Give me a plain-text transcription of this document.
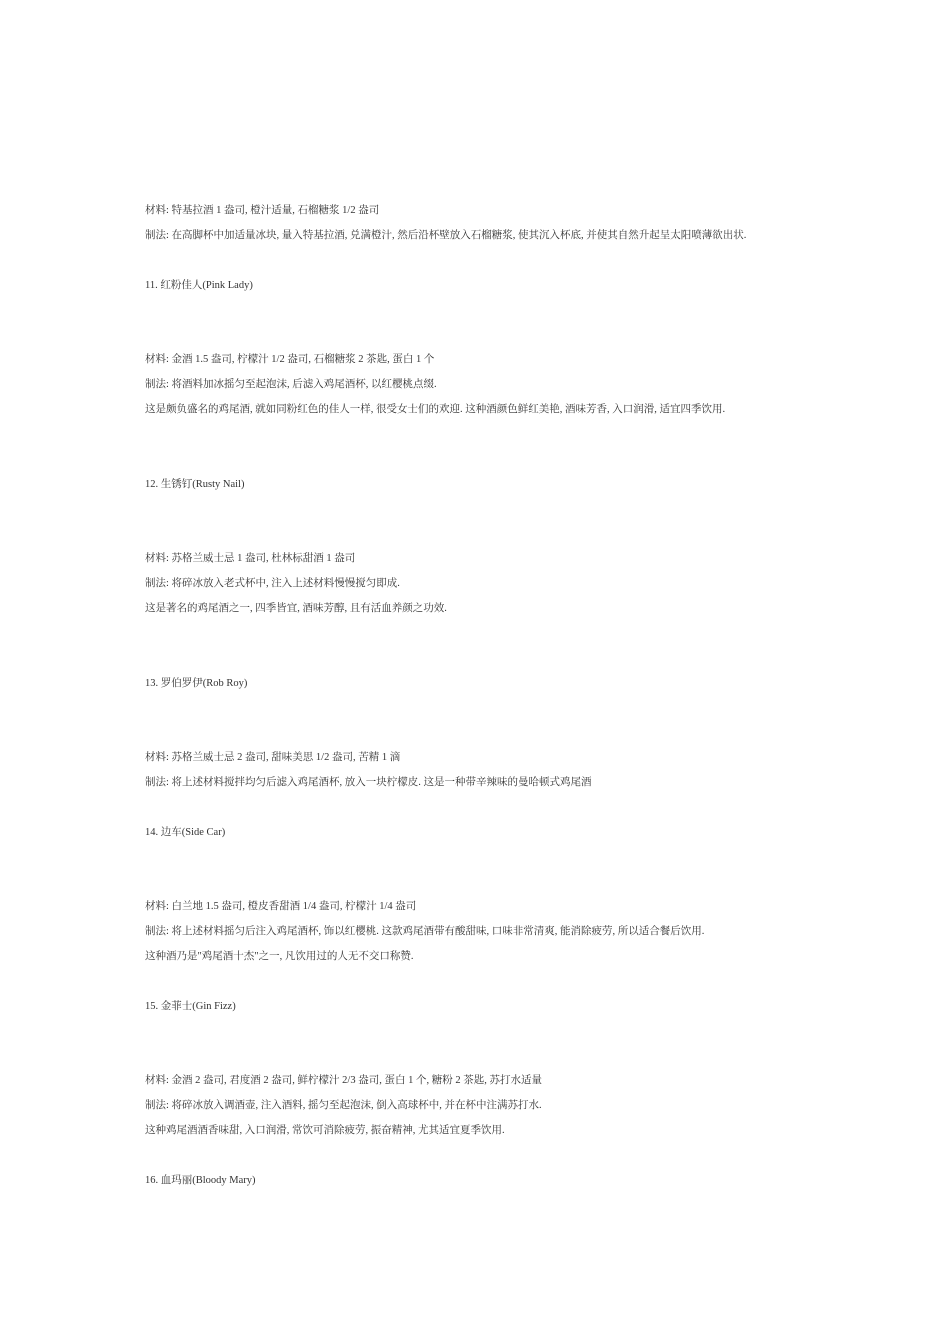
材料: 特基拉酒 1 盎司, 橙汁适量, 石榴糖浆 1/2 盎司

制法: 在高脚杯中加适量冰块, 量入特基拉酒, 兑满橙汁, 然后沿杯壁放入石榴糖浆, 使其沉入杯底, 并使其自然升起呈太阳喷薄欲出状.

11. 红粉佳人(Pink Lady)

材料: 金酒 1.5 盎司, 柠檬汁 1/2 盎司, 石榴糖浆 2 茶匙, 蛋白 1 个

制法: 将酒料加冰摇匀至起泡沫, 后滤入鸡尾酒杯, 以红樱桃点缀.

这是颇负盛名的鸡尾酒, 就如同粉红色的佳人一样, 很受女士们的欢迎. 这种酒颜色鲜红美艳, 酒味芳香, 入口润滑, 适宜四季饮用.

12. 生锈钉(Rusty Nail)

材料: 苏格兰威士忌 1 盎司, 杜林标甜酒 1 盎司

制法: 将碎冰放入老式杯中, 注入上述材料慢慢搅匀即成.

这是著名的鸡尾酒之一, 四季皆宜, 酒味芳醇, 且有活血养颜之功效.

13. 罗伯罗伊(Rob Roy)

材料: 苏格兰威士忌 2 盎司, 甜味美思 1/2 盎司, 苦精 1 滴

制法: 将上述材料搅拌均匀后滤入鸡尾酒杯, 放入一块柠檬皮. 这是一种带辛辣味的曼哈顿式鸡尾酒

14. 边车(Side Car)

材料: 白兰地 1.5 盎司, 橙皮香甜酒 1/4 盎司, 柠檬汁 1/4 盎司

制法: 将上述材料摇匀后注入鸡尾酒杯, 饰以红樱桃. 这款鸡尾酒带有酸甜味, 口味非常清爽, 能消除疲劳, 所以适合餐后饮用.

这种酒乃是"鸡尾酒十杰"之一, 凡饮用过的人无不交口称赞.

15. 金菲士(Gin Fizz)

材料: 金酒 2 盎司, 君度酒 2 盎司, 鲜柠檬汁 2/3 盎司, 蛋白 1 个, 糖粉 2 茶匙, 苏打水适量

制法: 将碎冰放入调酒壶, 注入酒料, 摇匀至起泡沫, 倒入高球杯中, 并在杯中注满苏打水.

这种鸡尾酒酒香味甜, 入口润滑, 常饮可消除疲劳, 振奋精神, 尤其适宜夏季饮用.

16. 血玛丽(Bloody Mary)
